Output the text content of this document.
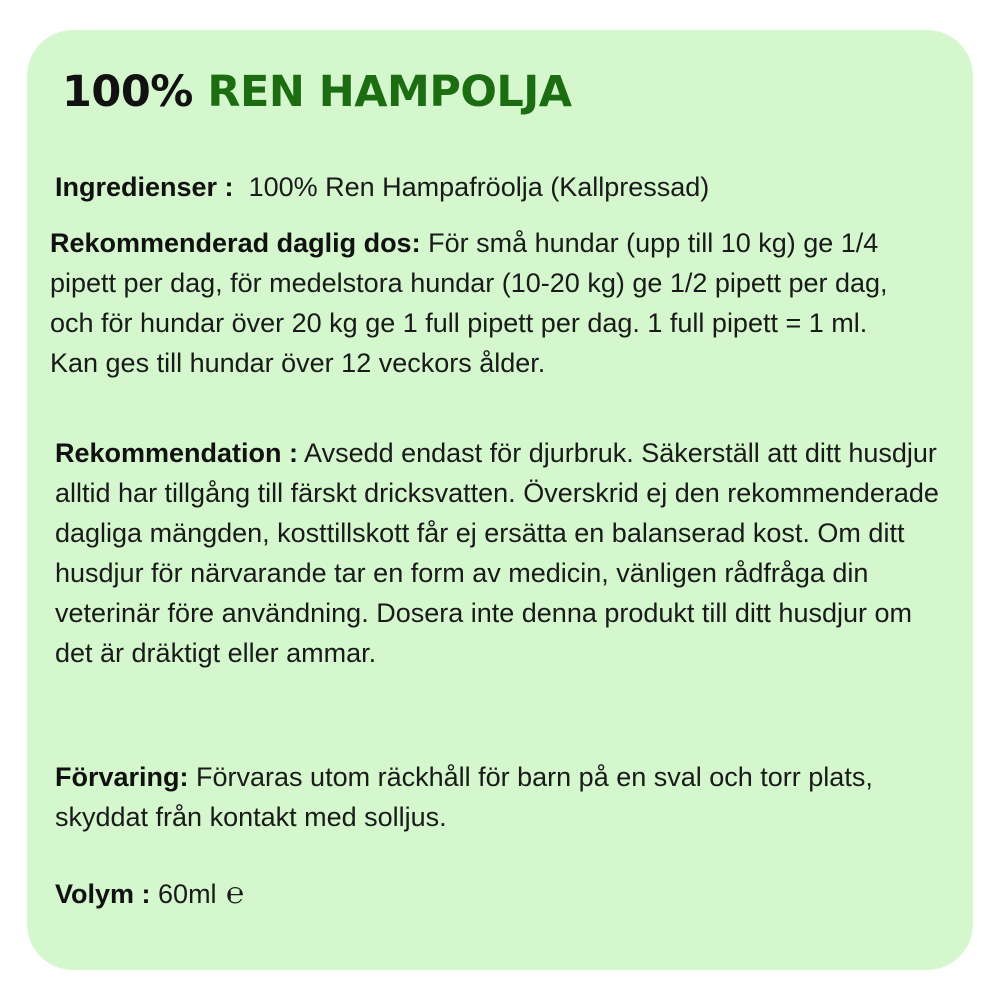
100% REN HAMPOLJA

Ingredienser : 100% Ren Hampafröolja (Kallpressad)

Rekommenderad daglig dos: För små hundar (upp till 10 kg) ge 1/4 pipett per dag, för medelstora hundar (10-20 kg) ge 1/2 pipett per dag, och för hundar över 20 kg ge 1 full pipett per dag. 1 full pipett = 1 ml. Kan ges till hundar över 12 veckors ålder.

Rekommendation : Avsedd endast för djurbruk. Säkerställ att ditt husdjur alltid har tillgång till färskt dricksvatten. Överskrid ej den rekommenderade dagliga mängden, kosttillskott får ej ersätta en balanserad kost. Om ditt husdjur för närvarande tar en form av medicin, vänligen rådfråga din veterinär före användning. Dosera inte denna produkt till ditt husdjur om det är dräktigt eller ammar.

Förvaring: Förvaras utom räckhåll för barn på en sval och torr plats, skyddat från kontakt med solljus.

Volym : 60ml ℮
